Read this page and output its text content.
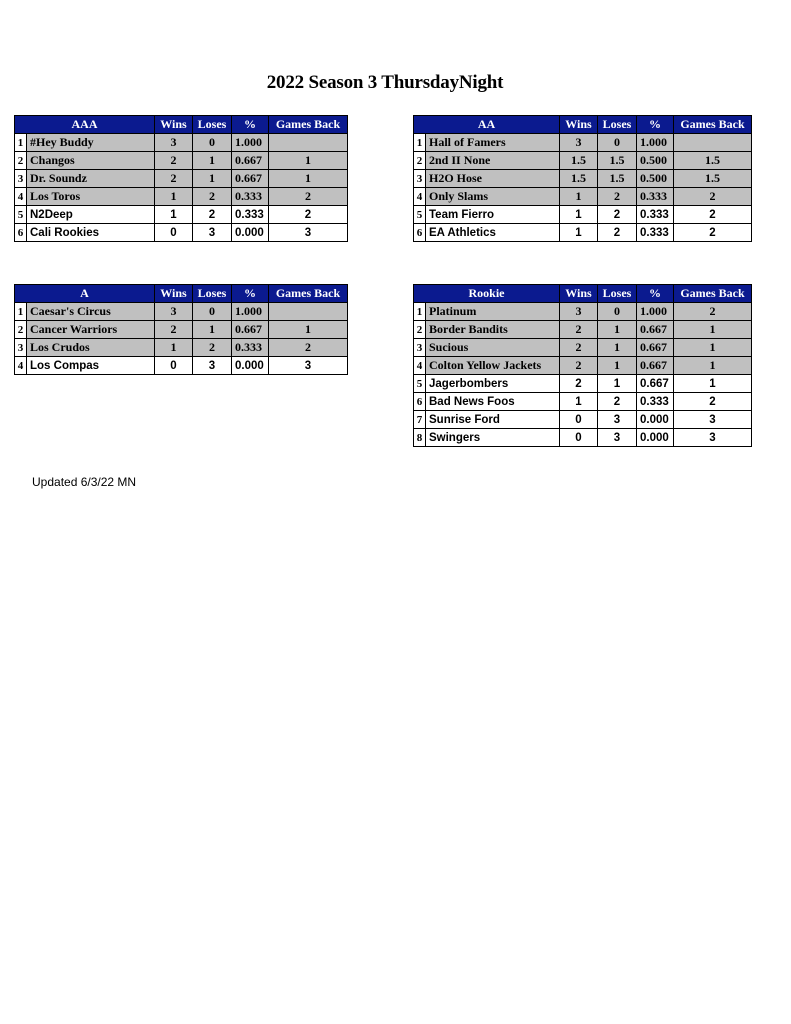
2022 Season 3 ThursdayNight
AAA		Wins	Loses	%	Games Back
1	#Hey Buddy	3	0	1.000	
2	Changos	2	1	0.667	1
3	Dr. Soundz	2	1	0.667	1
4	Los Toros	1	2	0.333	2
5	N2Deep	1	2	0.333	2
6	Cali Rookies	0	3	0.000	3
AA		Wins	Loses	%	Games Back
1	Hall of Famers	3	0	1.000	
2	2nd II None	1.5	1.5	0.500	1.5
3	H2O Hose	1.5	1.5	0.500	1.5
4	Only Slams	1	2	0.333	2
5	Team Fierro	1	2	0.333	2
6	EA Athletics	1	2	0.333	2
A		Wins	Loses	%	Games Back
1	Caesar's Circus	3	0	1.000	
2	Cancer Warriors	2	1	0.667	1
3	Los Crudos	1	2	0.333	2
4	Los Compas	0	3	0.000	3
Rookie		Wins	Loses	%	Games Back
1	Platinum	3	0	1.000	2
2	Border Bandits	2	1	0.667	1
3	Sucious	2	1	0.667	1
4	Colton Yellow Jackets	2	1	0.667	1
5	Jagerbombers	2	1	0.667	1
6	Bad News Foos	1	2	0.333	2
7	Sunrise Ford	0	3	0.000	3
8	Swingers	0	3	0.000	3
Updated 6/3/22 MN
